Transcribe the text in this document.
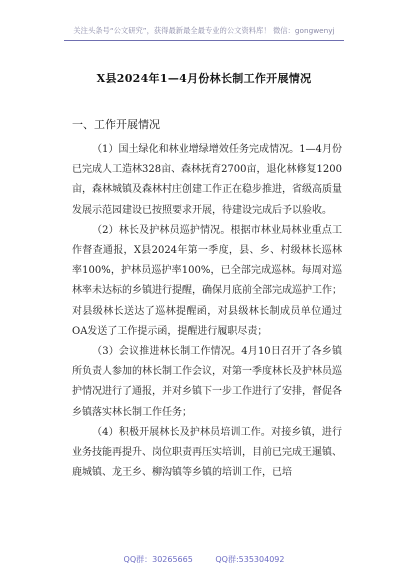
关注头条号“公文研究”，获得最新最全最专业的公文资料库！ 微信：gongwenyj
X县2024年1—4月份林长制工作开展情况
一、工作开展情况

（1）国土绿化和林业增绿增效任务完成情况。1—4月份已完成人工造林328亩、森林抚育2700亩，退化林修复1200亩，森林城镇及森林村庄创建工作正在稳步推进，省级高质量发展示范园建设已按照要求开展，待建设完成后予以验收。

（2）林长及护林员巡护情况。根据市林业局林业重点工作督查通报，X县2024年第一季度，县、乡、村级林长巡林率100%，护林员巡护率100%，已全部完成巡林。每周对巡林率未达标的乡镇进行提醒，确保月底前全部完成巡护工作；对县级林长送达了巡林提醒函，对县级林长制成员单位通过OA发送了工作提示函，提醒进行履职尽责；

（3）会议推进林长制工作情况。4月10日召开了各乡镇所负责人参加的林长制工作会议，对第一季度林长及护林员巡护情况进行了通报，并对乡镇下一步工作进行了安排，督促各乡镇落实林长制工作任务；

（4）积极开展林长及护林员培训工作。对接乡镇，进行业务技能再提升、岗位职责再压实培训，目前已完成王暹镇、鹿城镇、龙王乡、柳沟镇等乡镇的培训工作，已培

QQ群：30265665	QQ群:535304092
